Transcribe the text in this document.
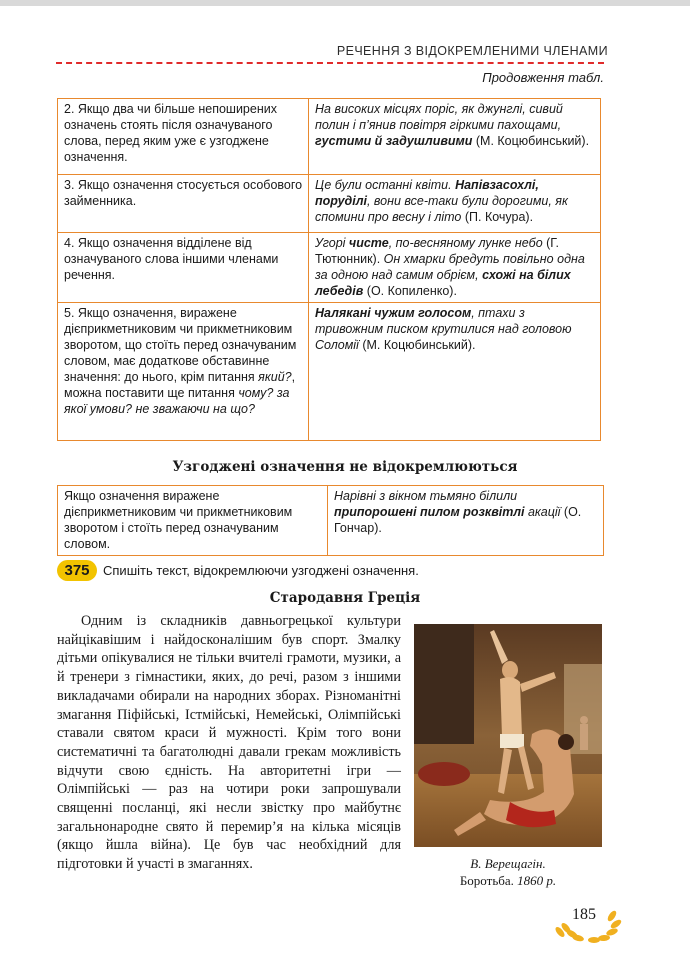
РЕЧЕННЯ З ВІДОКРЕМЛЕНИМИ ЧЛЕНАМИ
Продовження табл.
2. Якщо два чи більше непоширених означень стоять після означуваного слова, перед яким уже є узгоджене означення.	На високих місцях поріс, як джунглі, сивий полин і п’янив повітря гіркими пахощами, густими й задушливими (М. Коцюбинський).
3. Якщо означення стосується особового займенника.	Це були останні квіти. Напівзасохлі, поруділі, вони все-таки були дорогими, як спомини про весну і літо (П. Кочура).
4. Якщо означення відділене від означуваного слова іншими членами речення.	Угорі чисте, по-весняному лунке небо (Г. Тютюнник). Он хмарки бредуть повільно одна за одною над самим обрієм, схожі на білих лебедів (О. Копиленко).
5. Якщо означення, виражене дієприкметниковим чи прикметниковим зворотом, що стоїть перед означуваним словом, має додаткове обставинне значення: до нього, крім питання який?, можна поставити ще питання чому? за якої умови? не зважаючи на що?	Налякані чужим голосом, птахи з тривожним писком крутилися над головою Соломії (М. Коцюбинський).
Узгоджені означення не відокремлюються
Якщо означення виражене дієприкметниковим чи прикметниковим зворотом і стоїть перед означуваним словом.	Нарівні з вікном тьмяно білили припорошені пилом розквітлі акації (О. Гончар).
375	Спишіть текст, відокремлюючи узгоджені означення.
Стародавня Греція
Одним із складників давньогрецької культури найцікавішим і найдосконалішим був спорт. Змалку дітьми опікувалися не тільки вчителі грамоти, музики, а й тренери з гімнастики, яких, до речі, разом з іншими викладачами обирали на народних зборах. Різноманітні змагання Піфійські, Істмійські, Немейські, Олімпійські ставали святом краси й мужності. Крім того вони систематичні та багатолюдні давали грекам можливість відчути свою єдність. На авторитетні ігри — Олімпійські — раз на чотири роки запрошували священні посланці, які несли звістку про майбутнє загальнонародне свято й перемир’я на кілька місяців (якщо йшла війна). Це був час необхідний для підготовки й участі в змаганнях.	В. Верещагін.
Боротьба. 1860 р.
185
